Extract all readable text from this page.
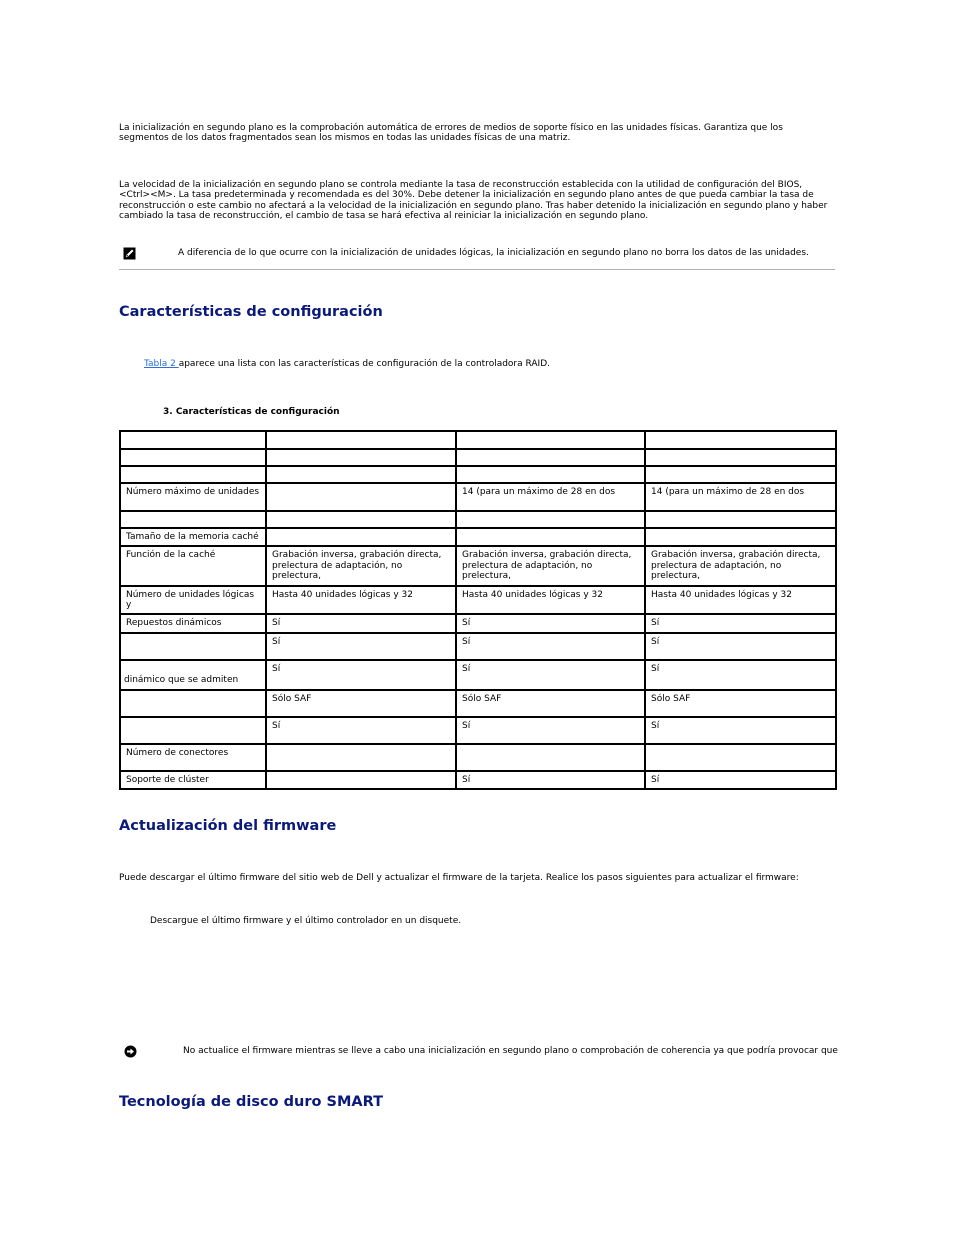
La inicialización en segundo plano es la comprobación automática de errores de medios de soporte físico en las unidades físicas. Garantiza que los segmentos de los datos fragmentados sean los mismos en todas las unidades físicas de una matriz.
La velocidad de la inicialización en segundo plano se controla mediante la tasa de reconstrucción establecida con la utilidad de configuración del BIOS, <Ctrl><M>. La tasa predeterminada y recomendada es del 30%. Debe detener la inicialización en segundo plano antes de que pueda cambiar la tasa de reconstrucción o este cambio no afectará a la velocidad de la inicialización en segundo plano. Tras haber detenido la inicialización en segundo plano y haber cambiado la tasa de reconstrucción, el cambio de tasa se hará efectiva al reiniciar la inicialización en segundo plano.
A diferencia de lo que ocurre con la inicialización de unidades lógicas, la inicialización en segundo plano no borra los datos de las unidades.
Características de configuración
Tabla 2 aparece una lista con las características de configuración de la controladora RAID.
3. Características de configuración

Número máximo de unidades		14 (para un máximo de 28 en dos	14 (para un máximo de 28 en dos

Tamaño de la memoria caché			
Función de la caché	Grabación inversa, grabación directa, prelectura de adaptación, no prelectura,	Grabación inversa, grabación directa, prelectura de adaptación, no prelectura,	Grabación inversa, grabación directa, prelectura de adaptación, no prelectura,
Número de unidades lógicas y	Hasta 40 unidades lógicas y 32	Hasta 40 unidades lógicas y 32	Hasta 40 unidades lógicas y 32
Repuestos dinámicos	Sí	Sí	Sí
	Sí	Sí	Sí
dinámico que se admiten	Sí	Sí	Sí
	Sólo SAF	Sólo SAF	Sólo SAF
	Sí	Sí	Sí
Número de conectores			
Soporte de clúster		Sí	Sí
Actualización del firmware
Puede descargar el último firmware del sitio web de Dell y actualizar el firmware de la tarjeta. Realice los pasos siguientes para actualizar el firmware:
Descargue el último firmware y el último controlador en un disquete.
No actualice el firmware mientras se lleve a cabo una inicialización en segundo plano o comprobación de coherencia ya que podría provocar que
Tecnología de disco duro SMART
